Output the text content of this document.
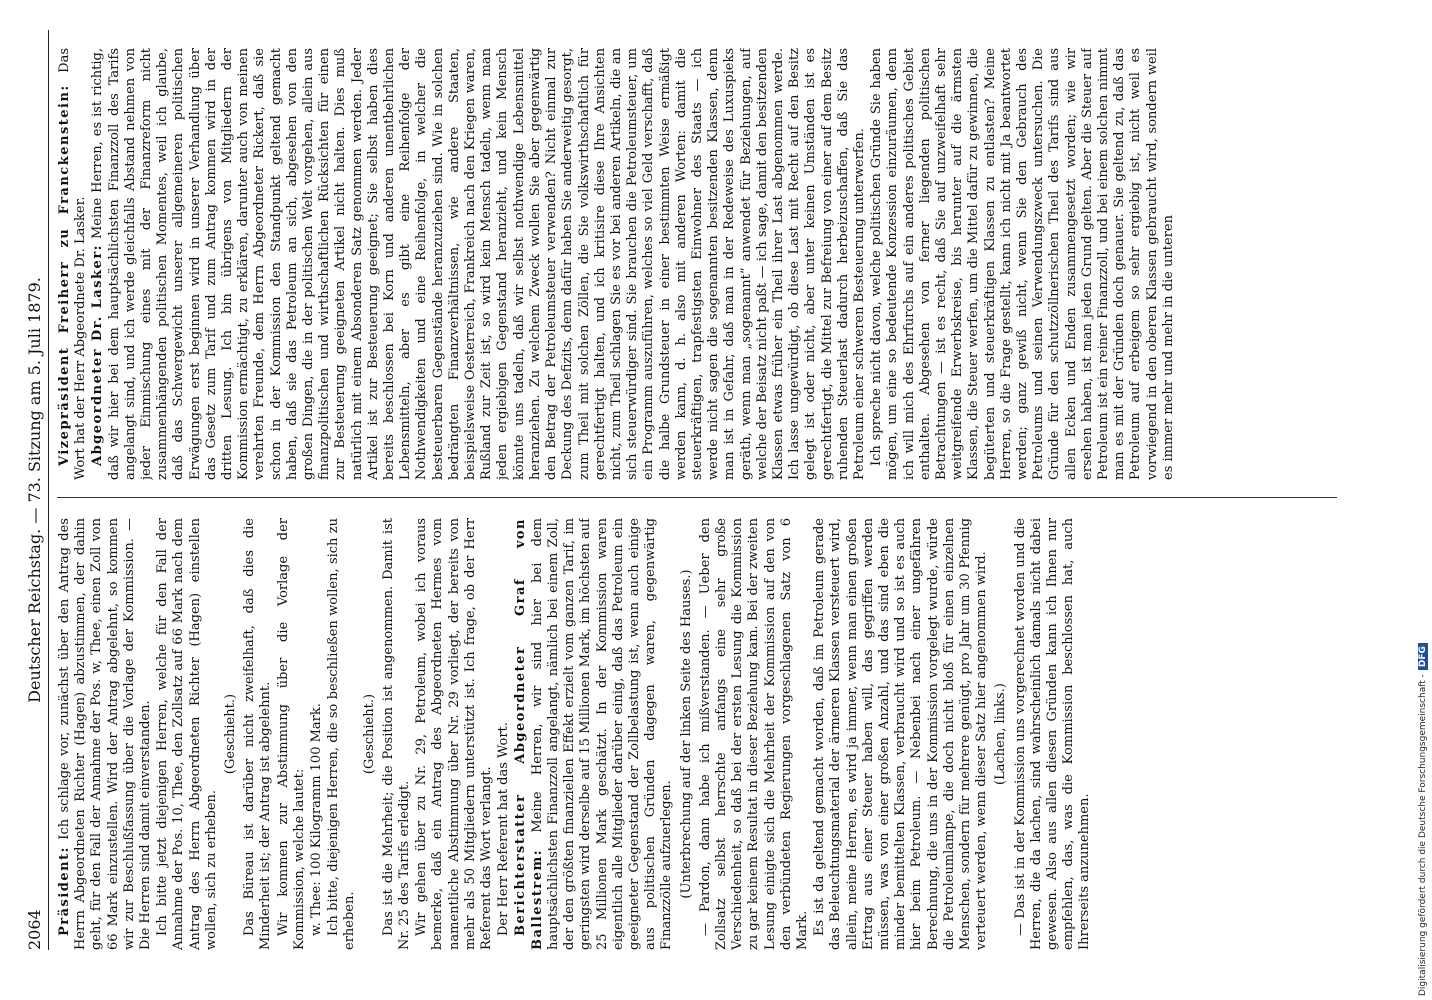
2064
Deutscher Reichstag. — 73. Sitzung am 5. Juli 1879.

Präsident: Ich schlage vor, zunächst über den Antrag des Herrn Abgeordneten Richter (Hagen) abzustimmen, der dahin geht, für den Fall der Annahme der Pos. w, Thee, einen Zoll von 66 Mark einzustellen. Wird der Antrag abgelehnt, so kommen wir zur Beschlußfassung über die Vorlage der Kommission. — Die Herren sind damit einverstanden. Ich bitte jetzt diejenigen Herren, welche für den Fall der Annahme der Pos. 10, Thee, den Zollsatz auf 66 Mark nach dem Antrag des Herrn Abgeordneten Richter (Hagen) einstellen wollen, sich zu erheben.

(Geschieht.) Das Büreau ist darüber nicht zweifelhaft, daß dies die Minderheit ist; der Antrag ist abgelehnt. Wir kommen zur Abstimmung über die Vorlage der Kommission, welche lautet: w. Thee: 100 Kilogramm 100 Mark. Ich bitte, diejenigen Herren, die so beschließen wollen, sich zu erheben.

(Geschieht.) Das ist die Mehrheit; die Position ist angenommen. Damit ist Nr. 25 des Tarifs erledigt. Wir gehen über zu Nr. 29, Petroleum, wobei ich voraus bemerke, daß ein Antrag des Abgeordneten Hermes vom namentliche Abstimmung über Nr. 29 vorliegt, der bereits von mehr als 50 Mitgliedern unterstützt ist. Ich frage, ob der Herr Referent das Wort verlangt. Der Herr Referent hat das Wort. Berichterstatter Abgeordneter Graf von Ballestrem: Meine Herren, wir sind hier bei dem hauptsächlichsten Finanzzoll angelangt, nämlich bei einem Zoll, der den größten finanziellen Effekt erzielt vom ganzen Tarif, im geringsten wird derselbe auf 15 Millionen Mark, im höchsten auf 25 Millionen Mark geschätzt. In der Kommission waren eigentlich alle Mitglieder darüber einig, daß das Petroleum ein geeigneter Gegenstand der Zollbelastung ist, wenn auch einige aus politischen Gründen dagegen waren, gegenwärtig Finanzzölle aufzuerlegen. (Unterbrechung auf der linken Seite des Hauses.) — Pardon, dann habe ich mißverstanden. — Ueber den Zollsatz selbst herrschte anfangs eine sehr große Verschiedenheit, so daß bei der ersten Lesung die Kommission zu gar keinem Resultat in dieser Beziehung kam. Bei der zweiten Lesung einigte sich die Mehrheit der Kommission auf den von den verbündeten Regierungen vorgeschlagenen Satz von 6 Mark. Es ist da geltend gemacht worden, daß im Petroleum gerade das Beleuchtungsmaterial der ärmeren Klassen versteuert wird, allein, meine Herren, es wird ja immer, wenn man einen großen Ertrag aus einer Steuer haben will, das gegriffen werden müssen, was von einer großen Anzahl, und das sind eben die minder bemittelten Klassen, verbraucht wird und so ist es auch hier beim Petroleum. — Nebenbei nach einer ungefähren Berechnung, die uns in der Kommission vorgelegt wurde, würde die Petroleumlampe, die doch nicht bloß für einen einzelnen Menschen, sondern für mehrere genügt, pro Jahr um 30 Pfennig verteuert werden, wenn dieser Satz hier angenommen wird. (Lachen, links.) — Das ist in der Kommission uns vorgerechnet worden und die Herren, die da lachen, sind wahrscheinlich damals nicht dabei gewesen. Also aus allen diesen Gründen kann ich Ihnen nur empfehlen, das, was die Kommission beschlossen hat, auch Ihrerseits anzunehmen.

Vizepräsident Freiherr zu Franckenstein: Das Wort hat der Herr Abgeordnete Dr. Lasker. Abgeordneter Dr. Lasker: Meine Herren, es ist richtig, daß wir hier bei dem hauptsächlichsten Finanzzoll des Tarifs angelangt sind, und ich werde gleichfalls Abstand nehmen von jeder Einmischung eines mit der Finanzreform nicht zusammenhängenden politischen Momentes, weil ich glaube, daß das Schwergewicht unserer allgemeineren politischen Erwägungen erst beginnen wird in unserer Verhandlung über das Gesetz zum Tarif und zum Antrag kommen wird in der dritten Lesung. Ich bin übrigens von Mitgliedern der Kommission ermächtigt, zu erklären, darunter auch von meinen verehrten Freunde, dem Herrn Abgeordneter Rickert, daß sie schon in der Kommission den Standpunkt geltend gemacht haben, daß sie das Petroleum an sich, abgesehen von den großen Dingen, die in der politischen Welt vorgehen, allein aus finanzpolitischen und wirthschaftlichen Rücksichten für einen zur Besteuerung geeigneten Artikel nicht halten. Dies muß natürlich mit einem Absonderen Satz genommen werden. Jeder Artikel ist zur Besteuerung geeignet; Sie selbst haben dies bereits beschlossen bei Korn und anderen unentbehrlichen Lebensmitteln, aber es gibt eine Reihenfolge der Nothwendigkeiten und eine Reihenfolge, in welcher die besteuerbaren Gegenstände heranzuziehen sind. Wie in solchen bedrängten Finanzverhältnissen, wie andere Staaten, beispielsweise Oesterreich, Frankreich nach den Kriegen waren, Rußland zur Zeit ist, so wird kein Mensch tadeln, wenn man jeden ergiebigen Gegenstand heranzieht, und kein Mensch könnte uns tadeln, daß wir selbst nothwendige Lebensmittel heranziehen. Zu welchem Zweck wollen Sie aber gegenwärtig den Betrag der Petroleumsteuer verwenden? Nicht einmal zur Deckung des Defizits, denn dafür haben Sie anderweitig gesorgt, zum Theil mit solchen Zöllen, die Sie volkswirthschaftlich für gerechtfertigt halten, und ich kritisire diese Ihre Ansichten nicht, zum Theil schlagen Sie es vor bei anderen Artikeln, die an sich steuerwürdiger sind. Sie brauchen die Petroleumsteuer, um ein Programm auszuführen, welches so viel Geld verschafft, daß die halbe Grundsteuer in einer bestimmten Weise ermäßigt werden kann, d. h. also mit anderen Worten: damit die steuerkräftigen, trapfestigsten Einwohner des Staats — ich werde nicht sagen die sogenannten besitzenden Klassen, denn man ist in Gefahr, daß man in der Redeweise des Luxuspieks geräth, wenn man „sogenannt“ anwendet für Beziehungen, auf welche der Beisatz nicht paßt — ich sage, damit den besitzenden Klassen etwas früher ein Theil ihrer Last abgenommen werde. Ich lasse ungewürdigt, ob diese Last mit Recht auf den Besitz gelegt ist oder nicht, aber unter keinen Umständen ist es gerechtfertigt, die Mittel zur Befreiung von einer auf dem Besitz ruhenden Steuerlast dadurch herbeizuschaffen, daß Sie das Petroleum einer schweren Besteuerung unterwerfen. Ich spreche nicht davon, welche politischen Gründe Sie haben mögen, um eine so bedeutende Konzession einzuräumen, denn ich will mich des Ehrfurchs auf ein anderes politisches Gebiet enthalten. Abgesehen von ferner liegenden politischen Betrachtungen — ist es recht, daß Sie auf unzweifelhaft sehr weitgreifende Erwerbskreise, bis herunter auf die ärmsten Klassen, die Steuer werfen, um die Mittel dafür zu gewinnen, die begüterten und steuerkräftigen Klassen zu entlasten? Meine Herren, so die Frage gestellt, kann ich nicht mit Ja beantwortet werden; ganz gewiß nicht, wenn Sie den Gebrauch des Petroleums und seinen Verwendungszweck untersuchen. Die Gründe für den schutzzöllnerischen Theil des Tarifs sind aus allen Ecken und Enden zusammengesetzt worden; wie wir ersehen haben, ist man jeden Grund gelten. Aber die Steuer auf Petroleum ist ein reiner Finanzzoll, und bei einem solchen nimmt man es mit der Gründen doch genauer. Sie geltend zu, daß das Petroleum auf erbeigem so sehr ergiebig ist, nicht weil es vorwiegend in den oberen Klassen gebraucht wird, sondern weil es immer mehr und mehr in die unteren

Digitalisierung gefördert durch die Deutsche Forschungsgemeinschaft -DFG
